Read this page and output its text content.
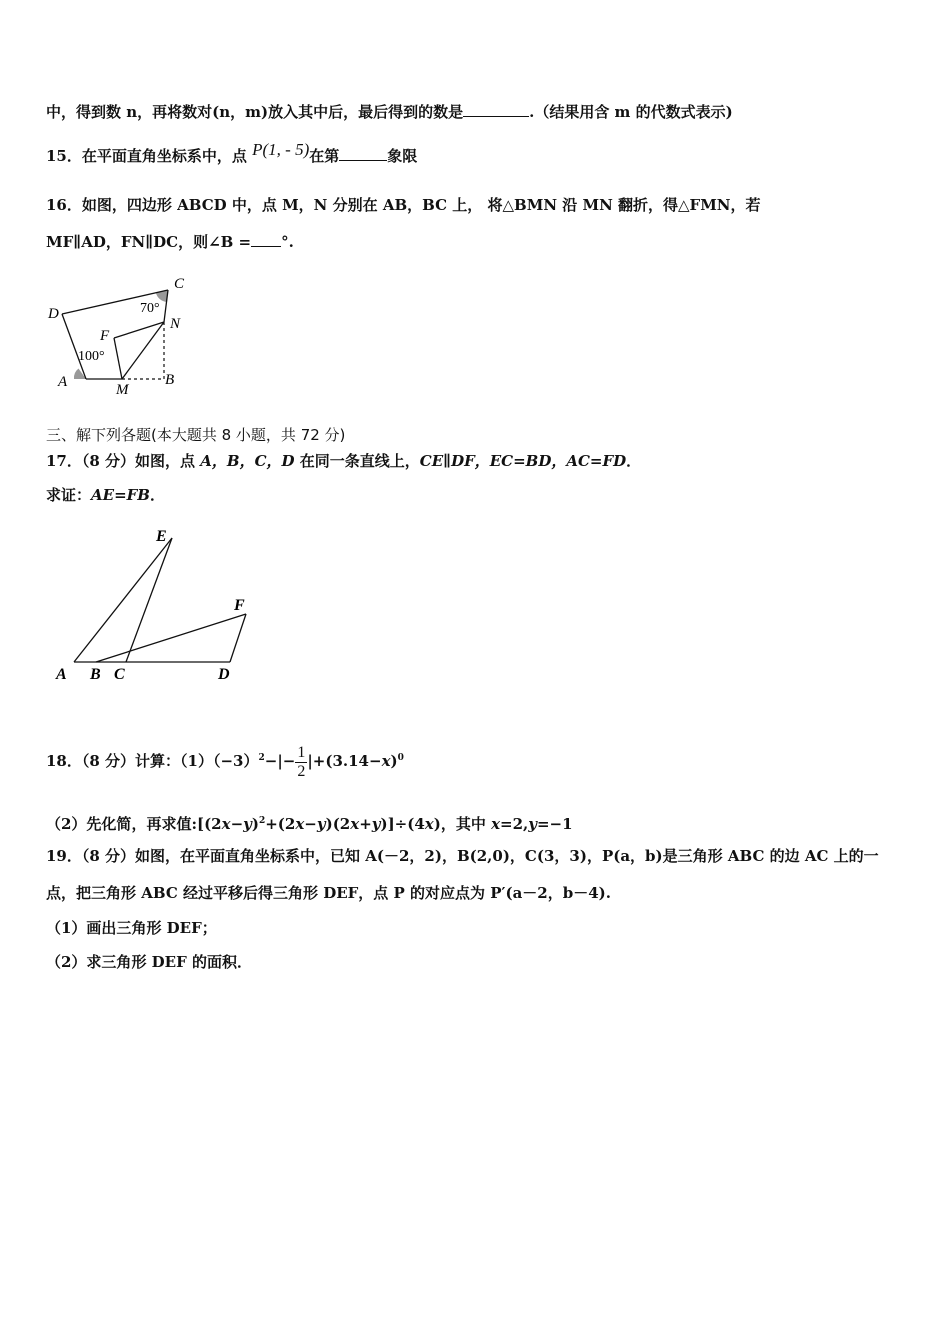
中，得到数 n，再将数对(n，m)放入其中后，最后得到的数是	.（结果用含 m 的代数式表示)
15．在平面直角坐标系中，点 P(1, - 5)在第	象限
16．如图，四边形 ABCD 中，点 M，N 分别在 AB，BC 上， 将△BMN 沿 MN 翻折，得△FMN，若
MF∥AD，FN∥DC，则∠B = °.
D
C
N
F
A	M
B
70°
100°
三、解下列各题(本大题共 8 小题，共 72 分)
17．（8 分）如图，点 A，B，C，D 在同一条直线上，CE∥DF，EC=BD，AC=FD．
求证：AE=FB．
E
F
A B C	D
18．（8 分）计算：$(1)(-3)^2-|- \frac{1}{2} |+(3.14-x)^0$
（2）先化简，再求值$:[(2x-y)^2+(2x-y)(2x+y)]\div(4x)$，其中 x=2,y=−1
19．（8 分）如图，在平面直角坐标系中，已知 A(－2，2)，B(2,0)，C(3，3)，P(a，b)是三角形 ABC 的边 AC 上的一
点，把三角形 ABC 经过平移后得三角形 DEF，点 P 的对应点为 P′(a－2，b－4).
（1）画出三角形 DEF；
（2）求三角形 DEF 的面积．
